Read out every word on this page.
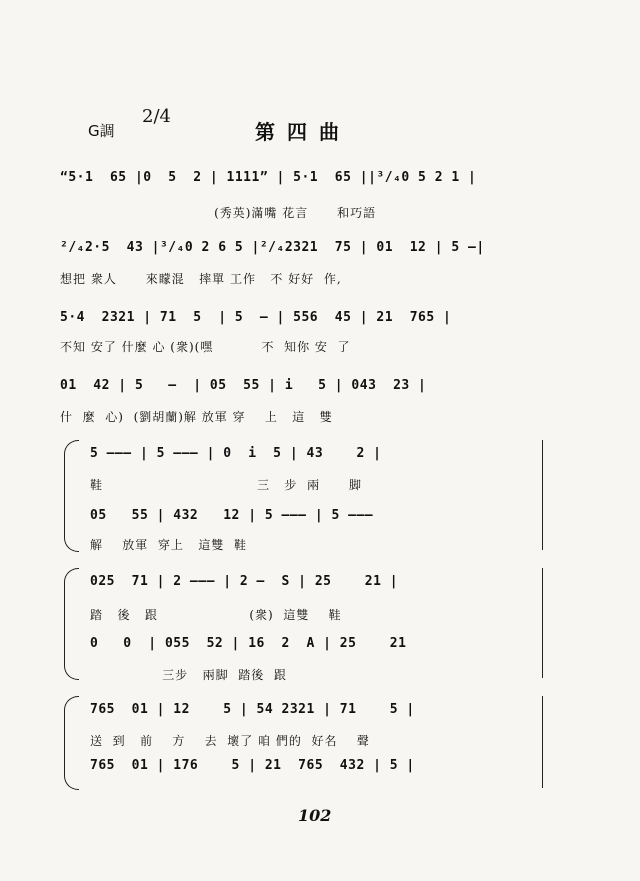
G調
2/4
第四曲
“5·1  65 |0  5  2 | 1111” | 5·1  65 ||³/₄0 5 2 1 |
(秀英)滿嘴 花言      和巧語
²/₄2·5  43 |³/₄0 2 6 5 |²/₄2321  75 | 01  12 | 5 —|
想把 衆人      來矇混   摔單 工作   不 好好  作,
5·4  2321 | 71  5  | 5  — | 556  45 | 21  765 |
不知 安了 什麼 心 (衆)(嘿          不  知你 安  了
01  42 | 5   —  | 05  55 | i   5 | 043  23 |
什  麼  心)  (劉胡蘭)解 放軍 穿    上   這   雙
5 ——— | 5 ——— | 0  i  5 | 43    2 |
鞋                                三   步  兩      脚
05   55 | 432   12 | 5 ——— | 5 ———
解    放軍  穿上   這雙  鞋
025  71 | 2 ——— | 2 —  S | 25    21 |
踏   後   跟                   (衆)  這雙    鞋
0   0  | 055  52 | 16  2  A | 25    21
三步   兩脚  踏後  跟
765  01 | 12    5 | 54 2321 | 71    5 |
送  到   前    方    去  壞了 咱 們的  好名    聲
765  01 | 176    5 | 21  765  432 | 5 |
102
